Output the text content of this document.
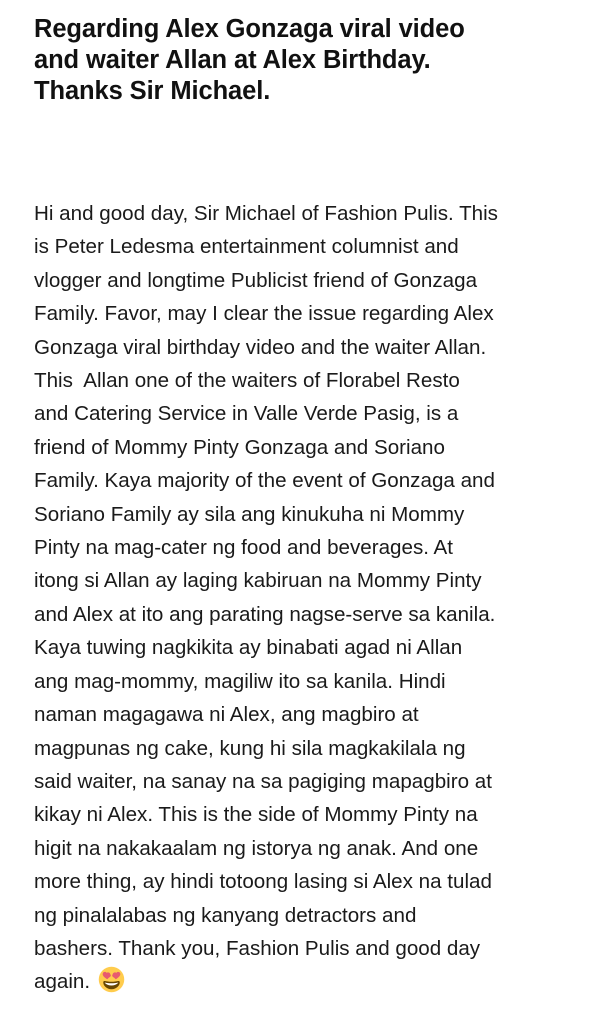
Regarding Alex Gonzaga viral video
and waiter Allan at Alex Birthday.
Thanks Sir Michael.
Hi and good day, Sir Michael of Fashion Pulis. This
is Peter Ledesma entertainment columnist and
vlogger and longtime Publicist friend of Gonzaga
Family. Favor, may I clear the issue regarding Alex
Gonzaga viral birthday video and the waiter Allan.
This  Allan one of the waiters of Florabel Resto
and Catering Service in Valle Verde Pasig, is a
friend of Mommy Pinty Gonzaga and Soriano
Family. Kaya majority of the event of Gonzaga and
Soriano Family ay sila ang kinukuha ni Mommy
Pinty na mag-cater ng food and beverages. At
itong si Allan ay laging kabiruan na Mommy Pinty
and Alex at ito ang parating nagse-serve sa kanila.
Kaya tuwing nagkikita ay binabati agad ni Allan
ang mag-mommy, magiliw ito sa kanila. Hindi
naman magagawa ni Alex, ang magbiro at
magpunas ng cake, kung hi sila magkakilala ng
said waiter, na sanay na sa pagiging mapagbiro at
kikay ni Alex. This is the side of Mommy Pinty na
higit na nakakaalam ng istorya ng anak. And one
more thing, ay hindi totoong lasing si Alex na tulad
ng pinalalabas ng kanyang detractors and
bashers. Thank you, Fashion Pulis and good day
again.
